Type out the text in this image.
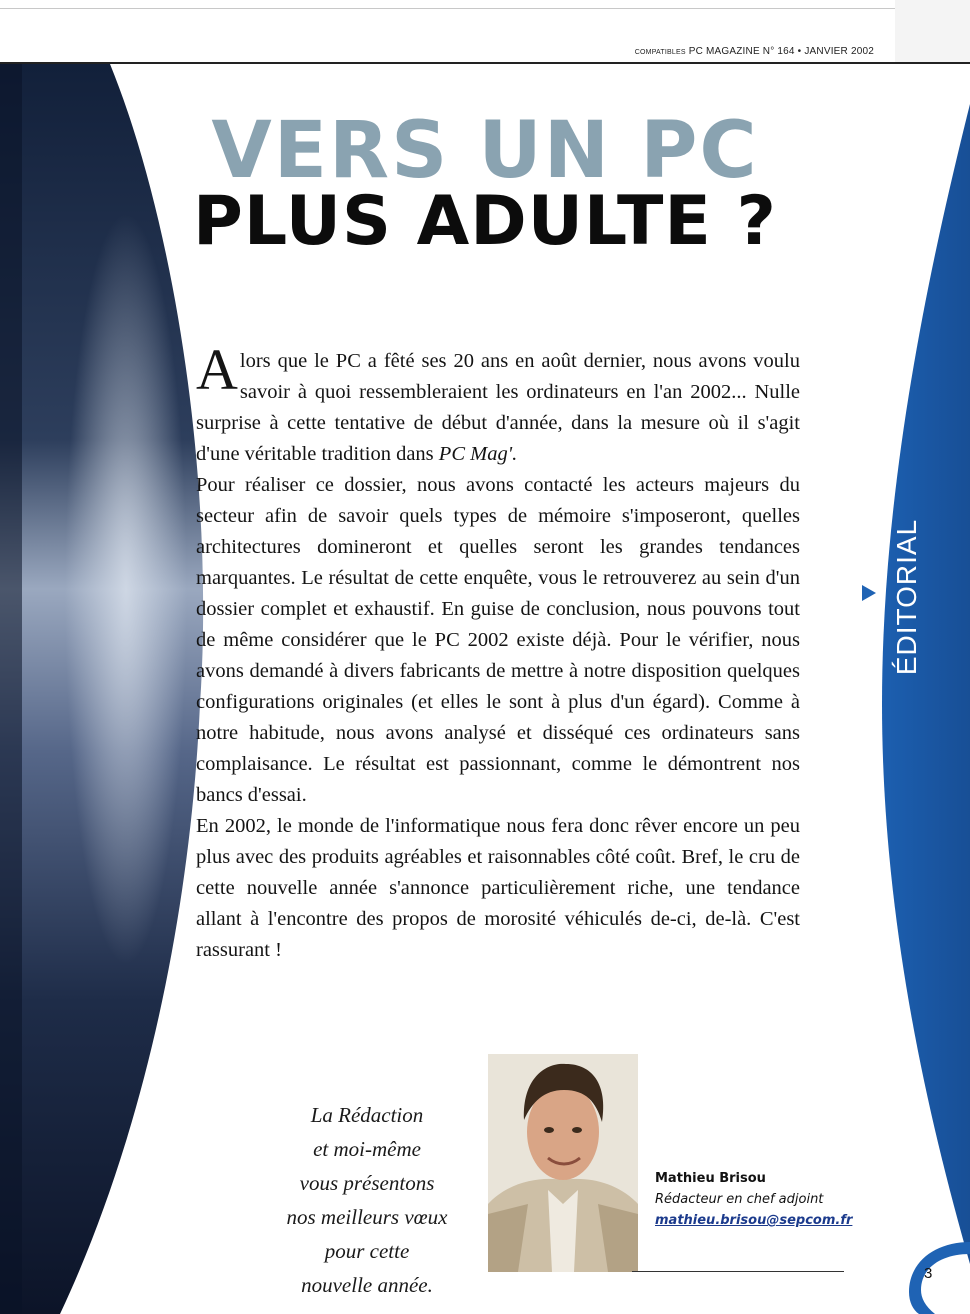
COMPATIBLES PC MAGAZINE N° 164 • JANVIER 2002
ÉDITORIAL
VERS UN PC
PLUS ADULTE ?

Alors que le PC a fêté ses 20 ans en août dernier, nous avons voulu savoir à quoi ressembleraient les ordinateurs en l'an 2002... Nulle surprise à cette tentative de début d'année, dans la mesure où il s'agit d'une véritable tradition dans PC Mag'.

Pour réaliser ce dossier, nous avons contacté les acteurs majeurs du secteur afin de savoir quels types de mémoire s'imposeront, quelles architectures domineront et quelles seront les grandes tendances marquantes. Le résultat de cette enquête, vous le retrouverez au sein d'un dossier complet et exhaustif. En guise de conclusion, nous pouvons tout de même considérer que le PC 2002 existe déjà. Pour le vérifier, nous avons demandé à divers fabricants de mettre à notre disposition quelques configurations originales (et elles le sont à plus d'un égard). Comme à notre habitude, nous avons analysé et disséqué ces ordinateurs sans complaisance. Le résultat est passionnant, comme le démontrent nos bancs d'essai.

En 2002, le monde de l'informatique nous fera donc rêver encore un peu plus avec des produits agréables et raisonnables côté coût. Bref, le cru de cette nouvelle année s'annonce particulièrement riche, une tendance allant à l'encontre des propos de morosité véhiculés de-ci, de-là. C'est rassurant !

La Rédaction
et moi-même
vous présentons
nos meilleurs vœux
pour cette
nouvelle année.
Mathieu Brisou
Rédacteur en chef adjoint
mathieu.brisou@sepcom.fr
3
